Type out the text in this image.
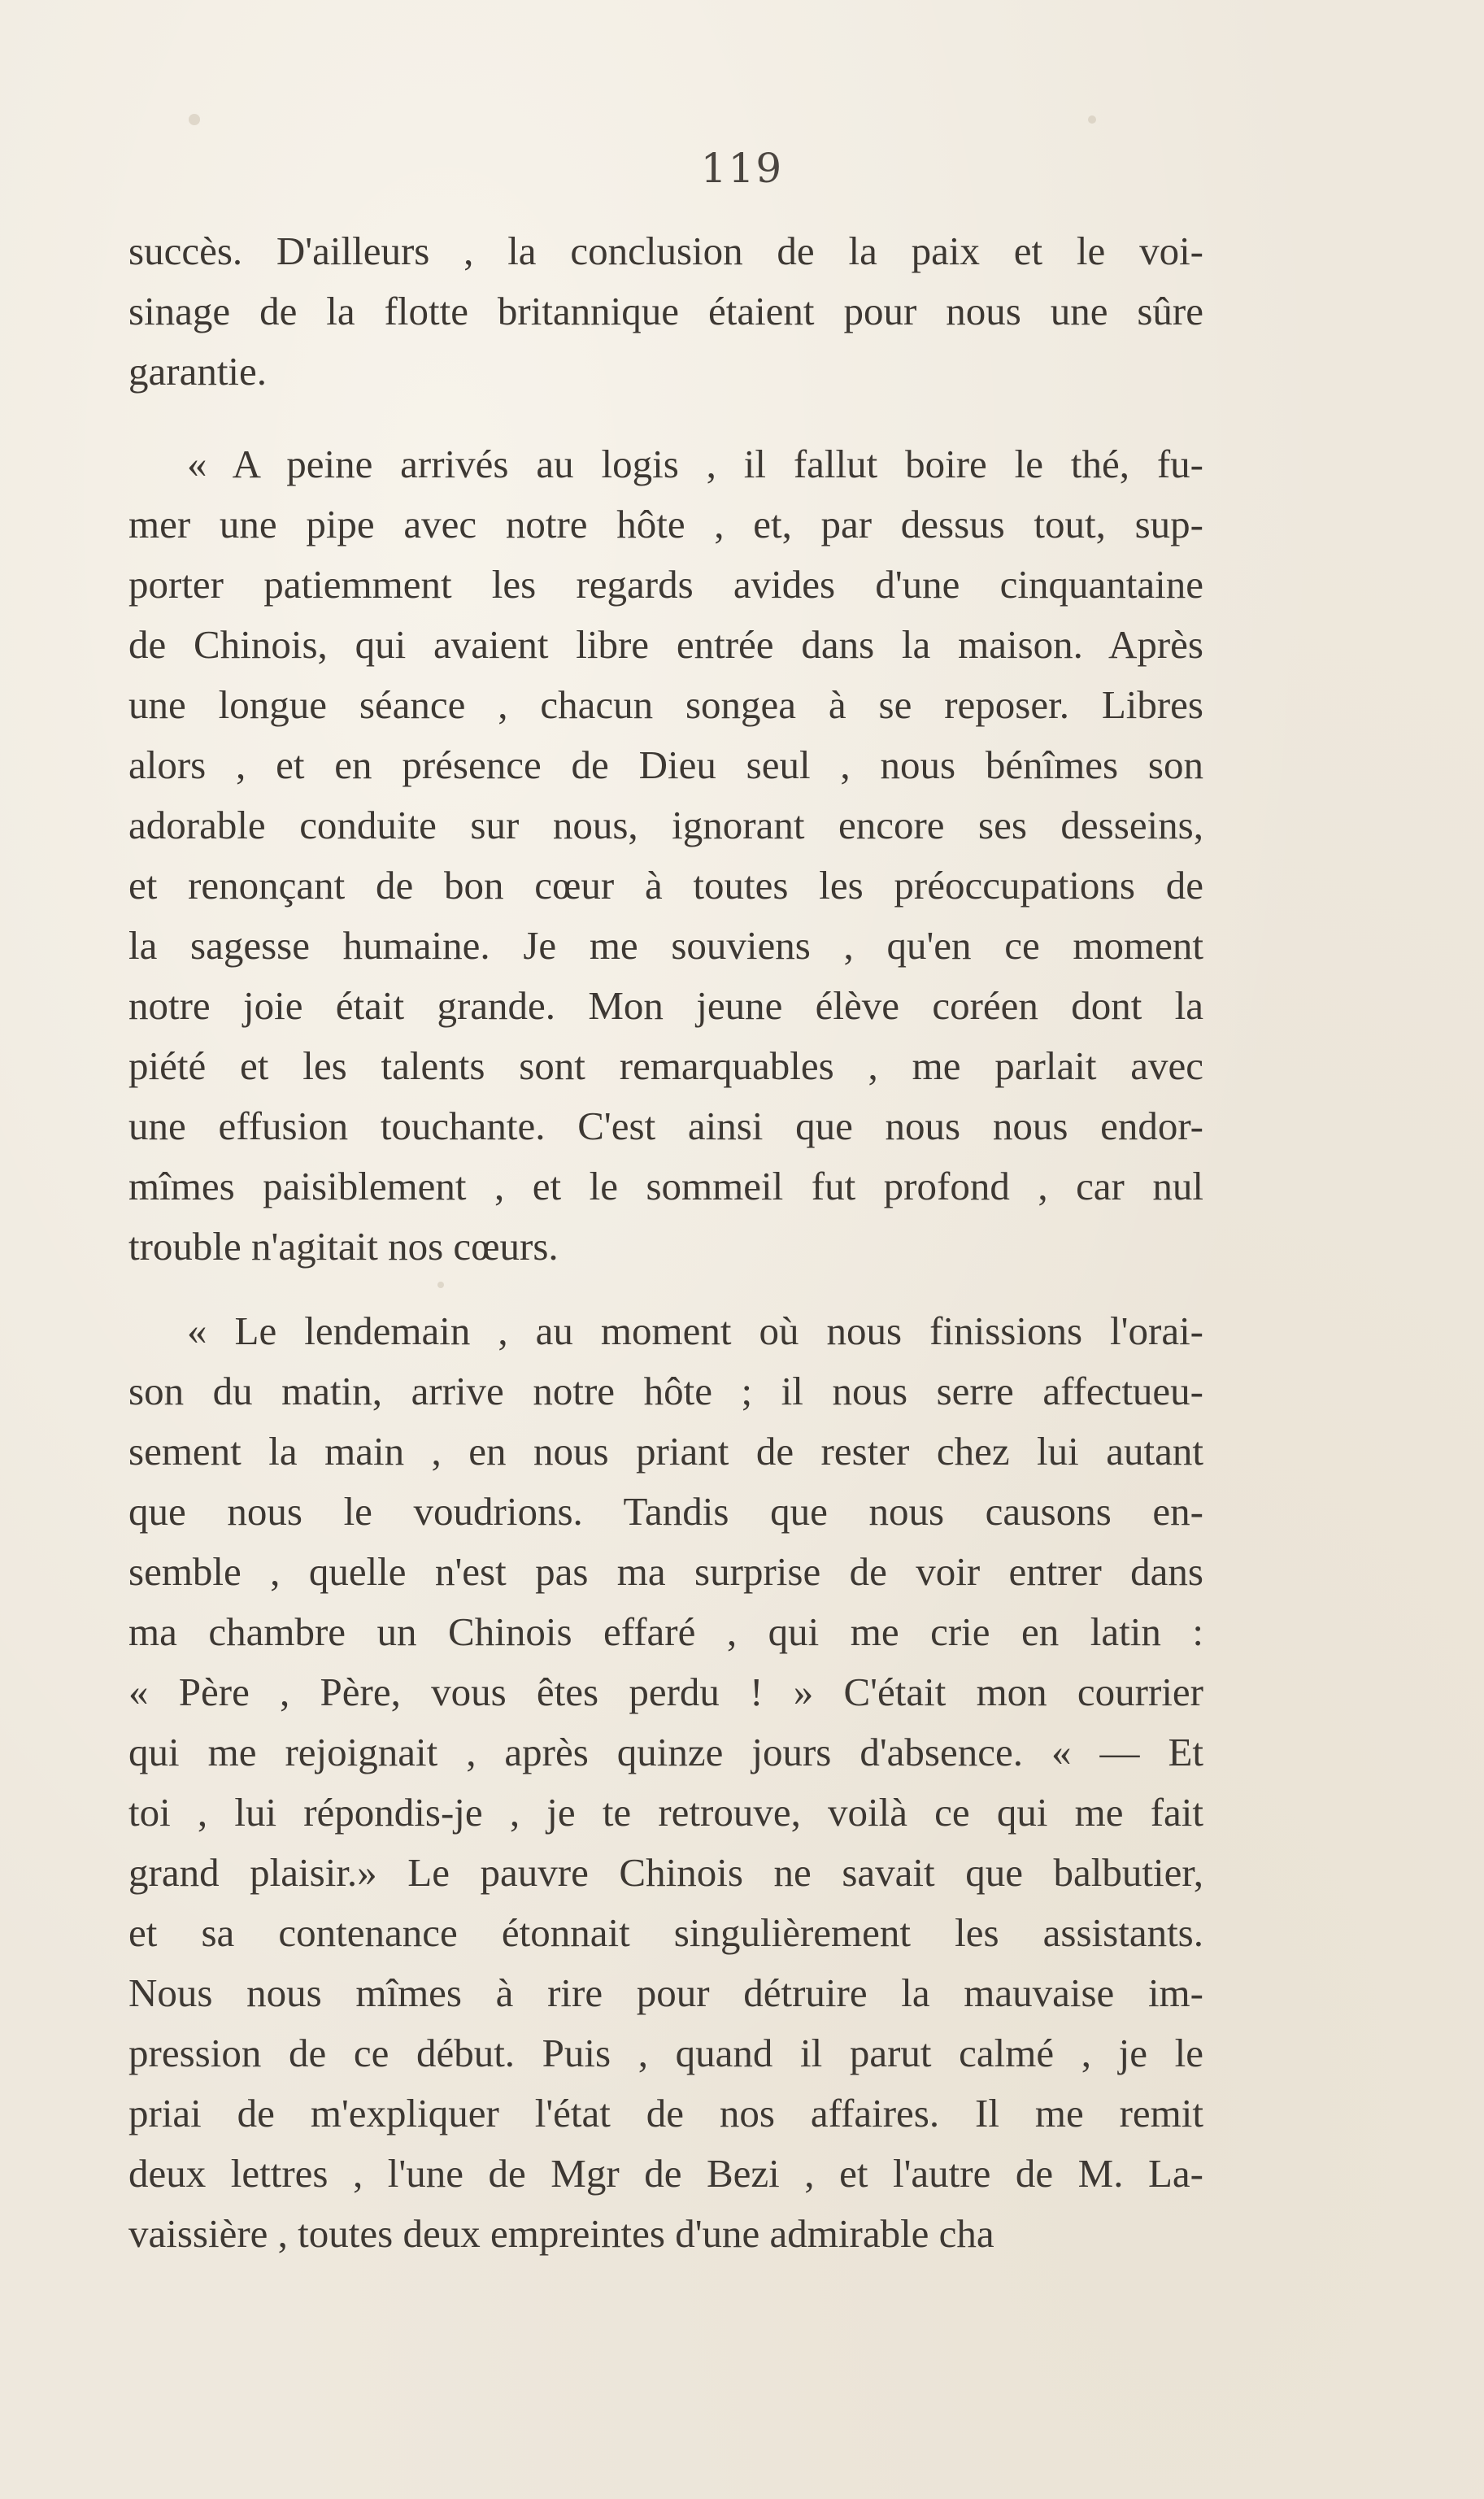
119
succès. D'ailleurs , la conclusion de la paix et le voi-
sinage de la flotte britannique étaient pour nous une sûre
garantie.
« A peine arrivés au logis , il fallut boire le thé, fu-
mer une pipe avec notre hôte , et, par dessus tout, sup-
porter patiemment les regards avides d'une cinquantaine
de Chinois, qui avaient libre entrée dans la maison. Après
une longue séance , chacun songea à se reposer. Libres
alors , et en présence de Dieu seul , nous bénîmes son
adorable conduite sur nous, ignorant encore ses desseins,
et renonçant de bon cœur à toutes les préoccupations de
la sagesse humaine. Je me souviens , qu'en ce moment
notre joie était grande. Mon jeune élève coréen dont la
piété et les talents sont remarquables , me parlait avec
une effusion touchante. C'est ainsi que nous nous endor-
mîmes paisiblement , et le sommeil fut profond , car nul
trouble n'agitait nos cœurs.
« Le lendemain , au moment où nous finissions l'orai-
son du matin, arrive notre hôte ; il nous serre affectueu-
sement la main , en nous priant de rester chez lui autant
que nous le voudrions. Tandis que nous causons en-
semble , quelle n'est pas ma surprise de voir entrer dans
ma chambre un Chinois effaré , qui me crie en latin :
« Père , Père, vous êtes perdu ! » C'était mon courrier
qui me rejoignait , après quinze jours d'absence. « — Et
toi , lui répondis-je , je te retrouve, voilà ce qui me fait
grand plaisir.» Le pauvre Chinois ne savait que balbutier,
et sa contenance étonnait singulièrement les assistants.
Nous nous mîmes à rire pour détruire la mauvaise im-
pression de ce début. Puis , quand il parut calmé , je le
priai de m'expliquer l'état de nos affaires. Il me remit
deux lettres , l'une de Mgr de Bezi , et l'autre de M. La-
vaissière , toutes deux empreintes d'une admirable cha
